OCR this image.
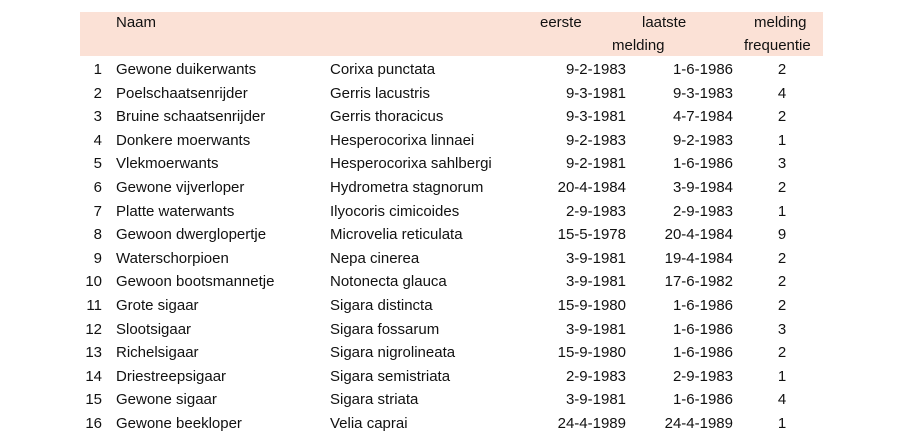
Naam	eerste	laatste	melding
melding	frequentie
1 Gewone duikerwants	Corixa punctata	9-2-1983	1-6-1986	2
2 Poelschaatsenrijder	Gerris lacustris	9-3-1981	9-3-1983	4
3 Bruine schaatsenrijder	Gerris thoracicus	9-3-1981	4-7-1984	2
4 Donkere moerwants	Hesperocorixa linnaei	9-2-1983	9-2-1983	1
5 Vlekmoerwants	Hesperocorixa sahlbergi	9-2-1981	1-6-1986	3
6 Gewone vijverloper	Hydrometra stagnorum	20-4-1984	3-9-1984	2
7 Platte waterwants	Ilyocoris cimicoides	2-9-1983	2-9-1983	1
8 Gewoon dwerglopertje	Microvelia reticulata	15-5-1978	20-4-1984	9
9 Waterschorpioen	Nepa cinerea	3-9-1981	19-4-1984	2
10 Gewoon bootsmannetje	Notonecta glauca	3-9-1981	17-6-1982	2
11 Grote sigaar	Sigara distincta	15-9-1980	1-6-1986	2
12 Slootsigaar	Sigara fossarum	3-9-1981	1-6-1986	3
13 Richelsigaar	Sigara nigrolineata	15-9-1980	1-6-1986	2
14 Driestreepsigaar	Sigara semistriata	2-9-1983	2-9-1983	1
15 Gewone sigaar	Sigara striata	3-9-1981	1-6-1986	4
16 Gewone beekloper	Velia caprai	24-4-1989	24-4-1989	1
